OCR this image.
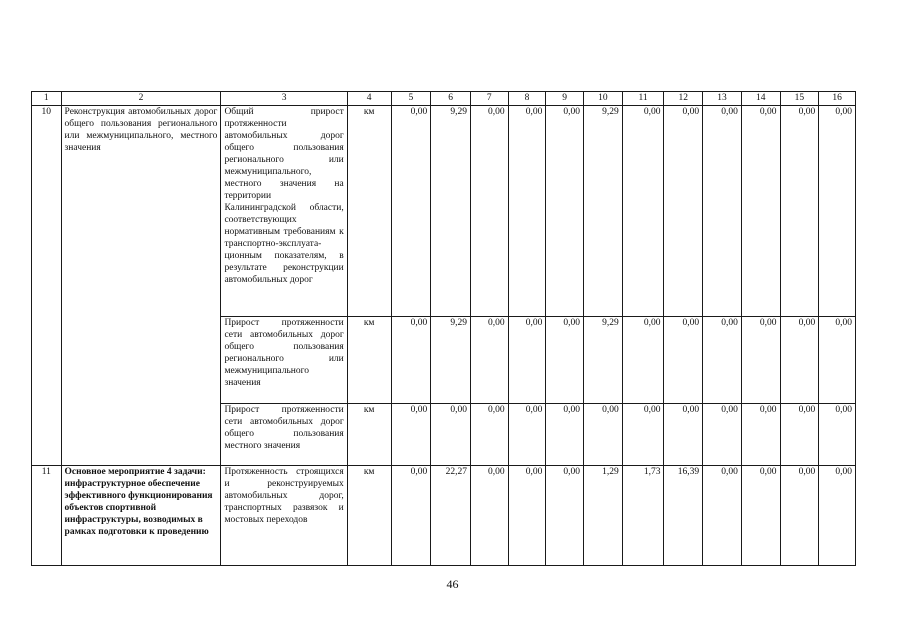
1	2	3	4	5	6	7	8	9	10	11	12	13	14	15	16
10	Реконструкция автомобильных дорог общего пользования регионального или межмуниципального, местного значения	Общий прирост протяженности автомобильных дорог общего пользования регионального или межмуниципального, местного значения на территории Калининградской области, соответствующих нормативным требованиям к транспортно-эксплуатационным показателям, в результате реконструкции автомобильных дорог	км	0,00	9,29	0,00	0,00	0,00	9,29	0,00	0,00	0,00	0,00	0,00	0,00
		Прирост протяженности сети автомобильных дорог общего пользования регионального или межмуниципального значения	км	0,00	9,29	0,00	0,00	0,00	9,29	0,00	0,00	0,00	0,00	0,00	0,00
		Прирост протяженности сети автомобильных дорог общего пользования местного значения	км	0,00	0,00	0,00	0,00	0,00	0,00	0,00	0,00	0,00	0,00	0,00	0,00
11	Основное мероприятие 4 задачи: инфраструктурное обеспечение эффективного функционирования объектов спортивной инфраструктуры, возводимых в рамках подготовки к проведению	Протяженность строящихся и реконструируемых автомобильных дорог, транспортных развязок и мостовых переходов	км	0,00	22,27	0,00	0,00	0,00	1,29	1,73	16,39	0,00	0,00	0,00	0,00
46
